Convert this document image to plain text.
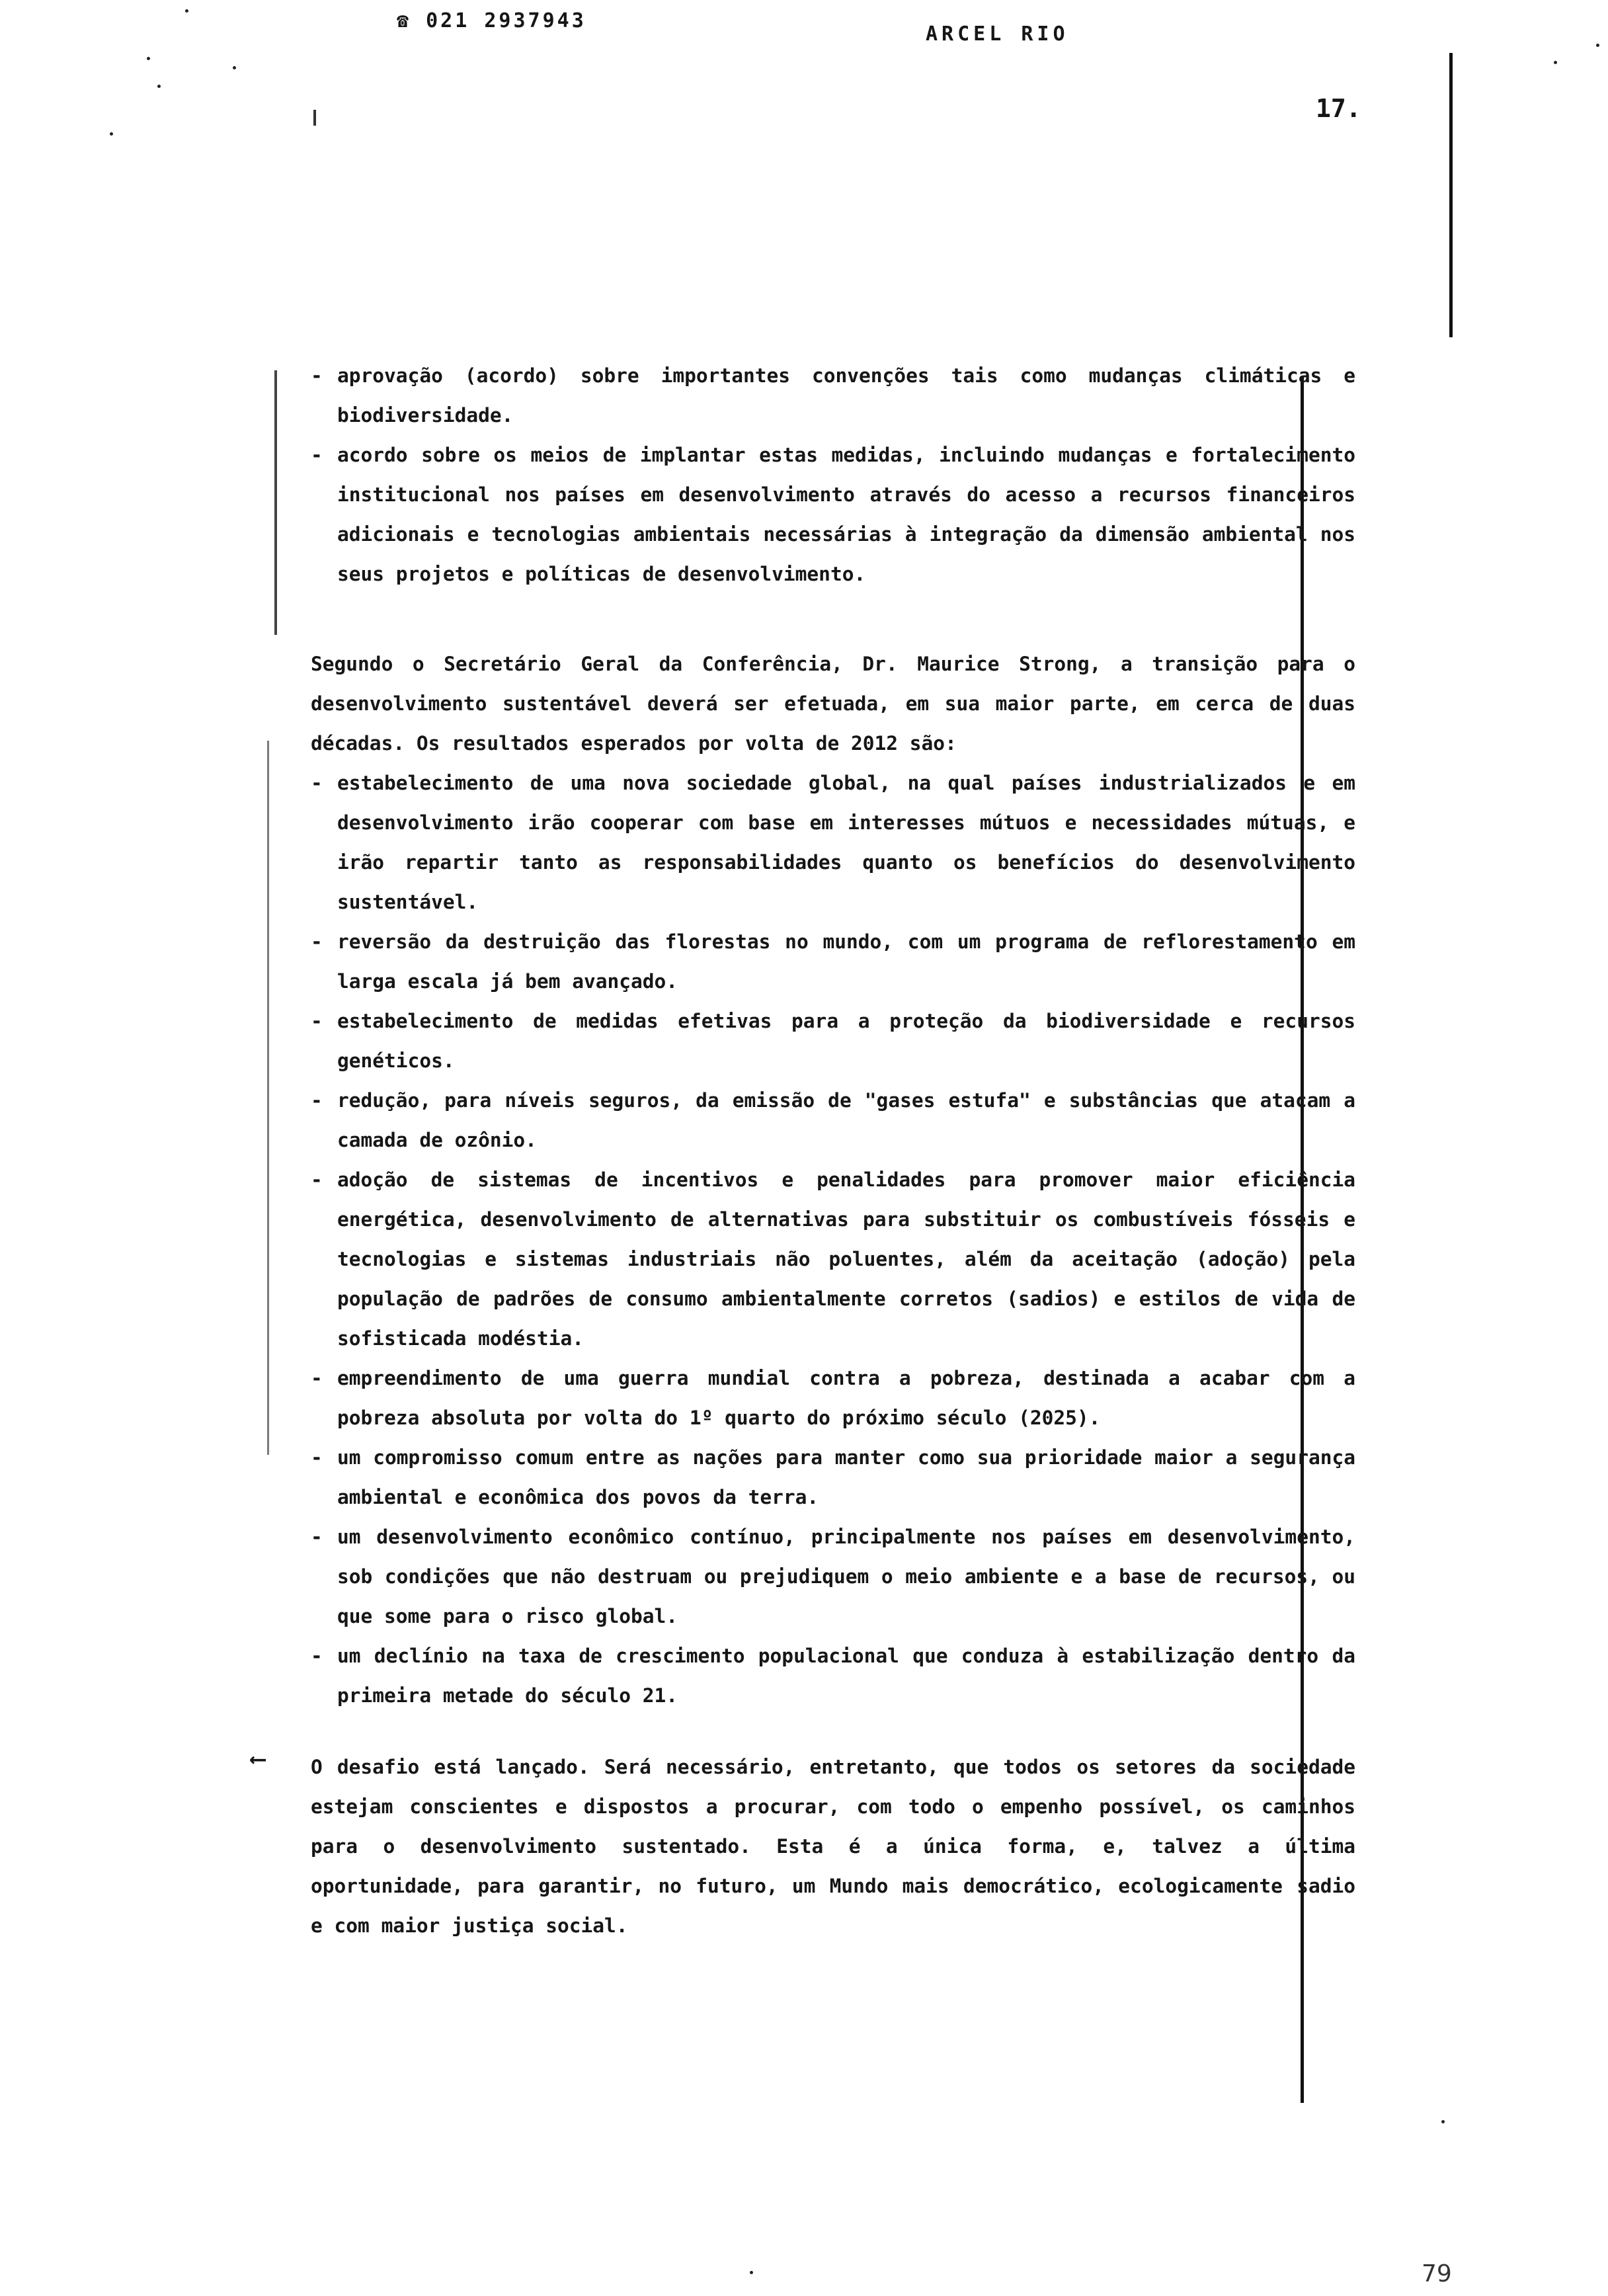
☎ 021 2937943
ARCEL RIO
17.
⟵
- aprovação (acordo) sobre importantes convenções tais como mudanças climáticas e biodiversidade.
- acordo sobre os meios de implantar estas medidas, incluindo mudanças e fortalecimento institucional nos países em desenvolvimento através do acesso a recursos financeiros adicionais e tecnologias ambientais necessárias à integração da dimensão ambiental nos seus projetos e políticas de desenvolvimento.
Segundo o Secretário Geral da Conferência, Dr. Maurice Strong, a transição para o desenvolvimento sustentável deverá ser efetuada, em sua maior parte, em cerca de duas décadas. Os resultados esperados por volta de 2012 são:
- estabelecimento de uma nova sociedade global, na qual países industrializados e em desenvolvimento irão cooperar com base em interesses mútuos e necessidades mútuas, e irão repartir tanto as responsabilidades quanto os benefícios do desenvolvimento sustentável.
- reversão da destruição das florestas no mundo, com um programa de reflorestamento em larga escala já bem avançado.
- estabelecimento de medidas efetivas para a proteção da biodiversidade e recursos genéticos.
- redução, para níveis seguros, da emissão de "gases estufa" e substâncias que atacam a camada de ozônio.
- adoção de sistemas de incentivos e penalidades para promover maior eficiência energética, desenvolvimento de alternativas para substituir os combustíveis fósseis e tecnologias e sistemas industriais não poluentes, além da aceitação (adoção) pela população de padrões de consumo ambientalmente corretos (sadios) e estilos de vida de sofisticada modéstia.
- empreendimento de uma guerra mundial contra a pobreza, destinada a acabar com a pobreza absoluta por volta do 1º quarto do próximo século (2025).
- um compromisso comum entre as nações para manter como sua prioridade maior a segurança ambiental e econômica dos povos da terra.
- um desenvolvimento econômico contínuo, principalmente nos países em desenvolvimento, sob condições que não destruam ou prejudiquem o meio ambiente e a base de recursos, ou que some para o risco global.
- um declínio na taxa de crescimento populacional que conduza à estabilização dentro da primeira metade do século 21.
O desafio está lançado. Será necessário, entretanto, que todos os setores da sociedade estejam conscientes e dispostos a procurar, com todo o empenho possível, os caminhos para o desenvolvimento sustentado. Esta é a única forma, e, talvez a última oportunidade, para garantir, no futuro, um Mundo mais democrático, ecologicamente sadio e com maior justiça social.
79
